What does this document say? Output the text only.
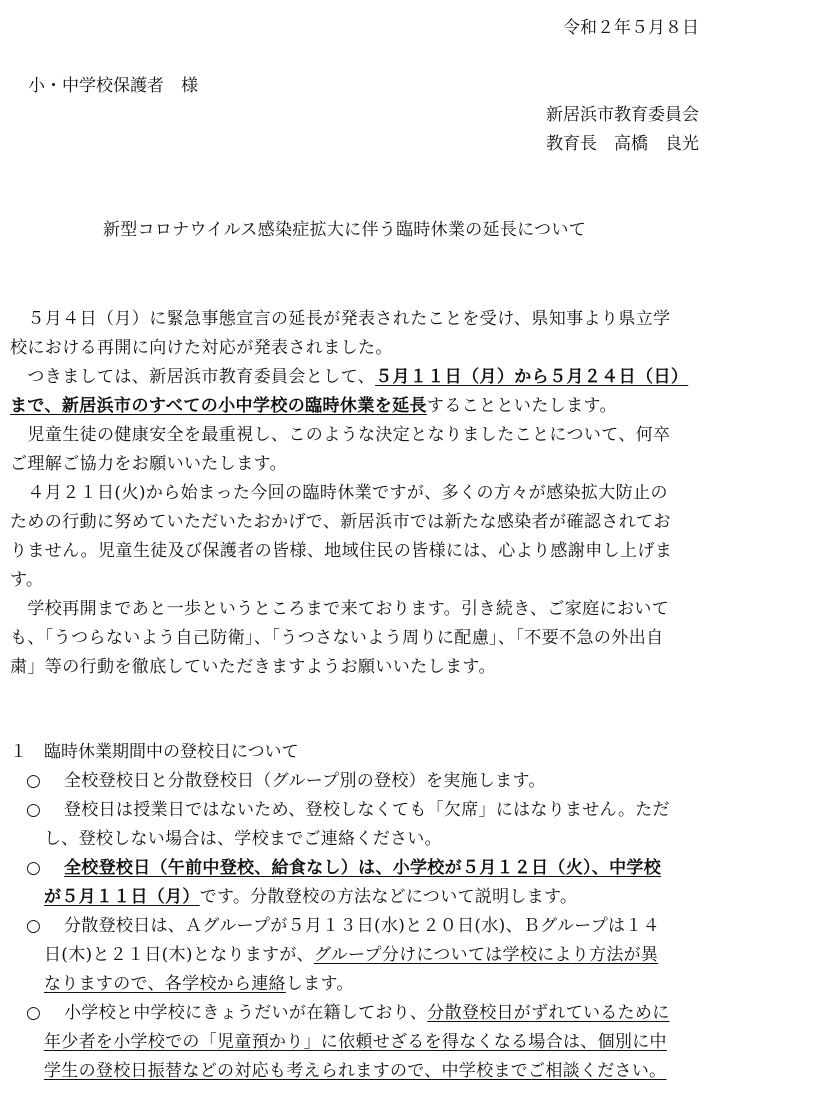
令和２年５月８日
小・中学校保護者　様
新居浜市教育委員会
教育長　高橋　良光
新型コロナウイルス感染症拡大に伴う臨時休業の延長について
　５月４日（月）に緊急事態宣言の延長が発表されたことを受け、県知事より県立学
校における再開に向けた対応が発表されました。
　つきましては、新居浜市教育委員会として、５月１１日（月）から５月２４日（日）
まで、新居浜市のすべての小中学校の臨時休業を延長することといたします。
　児童生徒の健康安全を最重視し、このような決定となりましたことについて、何卒
ご理解ご協力をお願いいたします。
　４月２１日(火)から始まった今回の臨時休業ですが、多くの方々が感染拡大防止の
ための行動に努めていただいたおかげで、新居浜市では新たな感染者が確認されてお
りません。児童生徒及び保護者の皆様、地域住民の皆様には、心より感謝申し上げま
す。
　学校再開まであと一歩というところまで来ております。引き続き、ご家庭において
も、「うつらないよう自己防衛」、「うつさないよう周りに配慮」、「不要不急の外出自
粛」等の行動を徹底していただきますようお願いいたします。
１　臨時休業期間中の登校日について
○ 全校登校日と分散登校日（グループ別の登校）を実施します。
○ 登校日は授業日ではないため、登校しなくても「欠席」にはなりません。ただ
し、登校しない場合は、学校までご連絡ください。
○ 全校登校日（午前中登校、給食なし）は、小学校が５月１２日（火）、中学校
が５月１１日（月）です。分散登校の方法などについて説明します。
○ 分散登校日は、Ａグループが５月１３日(水)と２０日(水)、Ｂグループは１４
日(木)と２１日(木)となりますが、グループ分けについては学校により方法が異
なりますので、各学校から連絡します。
○ 小学校と中学校にきょうだいが在籍しており、分散登校日がずれているために
年少者を小学校での「児童預かり」に依頼せざるを得なくなる場合は、個別に中
学生の登校日振替などの対応も考えられますので、中学校までご相談ください。
